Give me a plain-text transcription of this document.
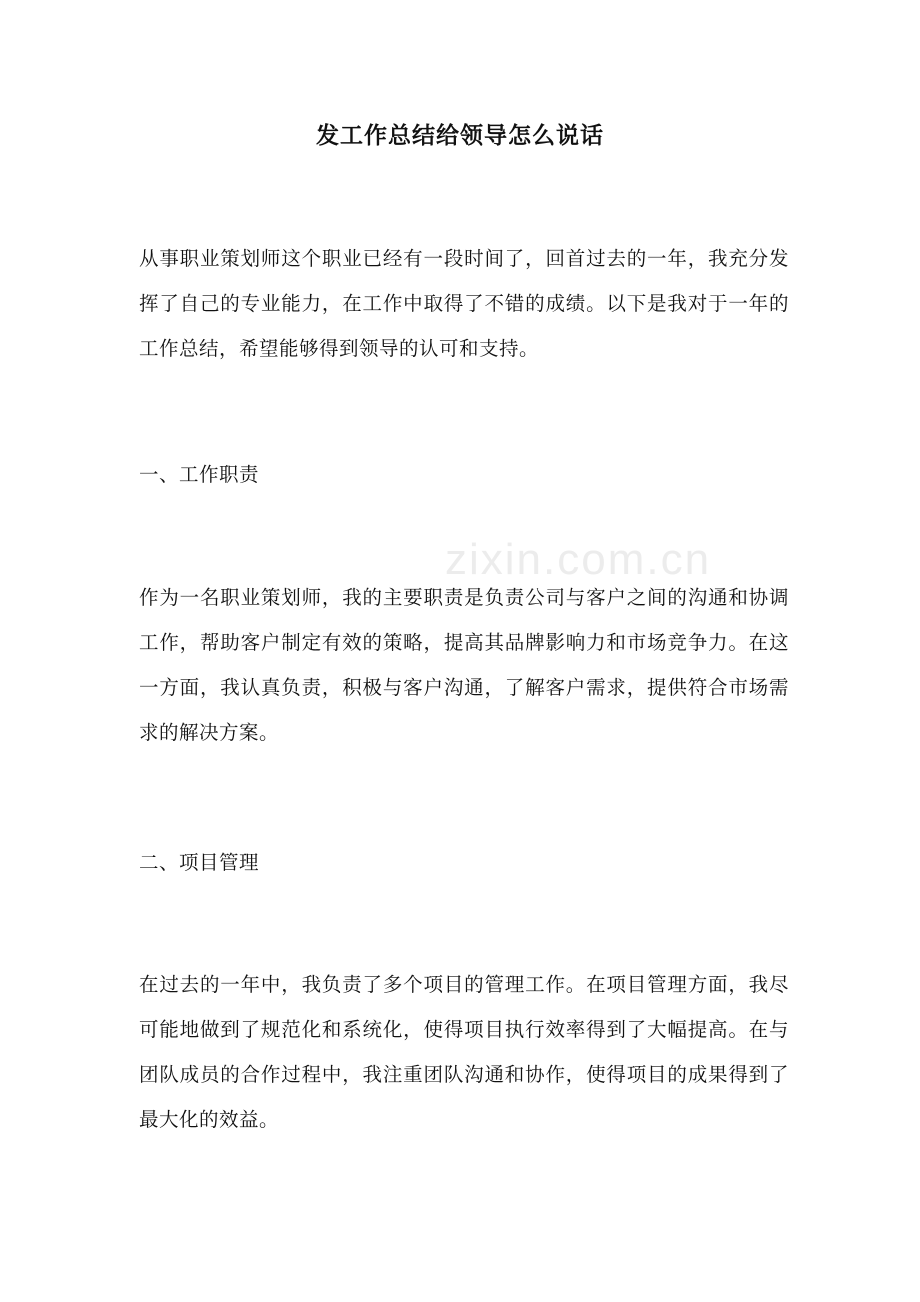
zixin.com.cn
发工作总结给领导怎么说话

从事职业策划师这个职业已经有一段时间了，回首过去的一年，我充分发挥了自己的专业能力，在工作中取得了不错的成绩。以下是我对于一年的工作总结，希望能够得到领导的认可和支持。

一、工作职责

作为一名职业策划师，我的主要职责是负责公司与客户之间的沟通和协调工作，帮助客户制定有效的策略，提高其品牌影响力和市场竞争力。在这一方面，我认真负责，积极与客户沟通，了解客户需求，提供符合市场需求的解决方案。

二、项目管理

在过去的一年中，我负责了多个项目的管理工作。在项目管理方面，我尽可能地做到了规范化和系统化，使得项目执行效率得到了大幅提高。在与团队成员的合作过程中，我注重团队沟通和协作，使得项目的成果得到了最大化的效益。
